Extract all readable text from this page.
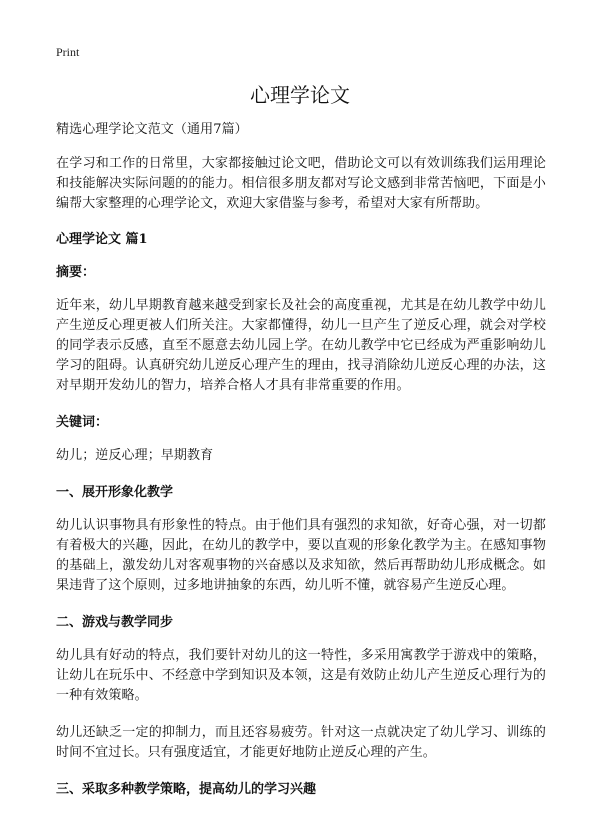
Print
心理学论文

精选心理学论文范文（通用7篇）

在学习和工作的日常里，大家都接触过论文吧，借助论文可以有效训练我们运用理论和技能解决实际问题的的能力。相信很多朋友都对写论文感到非常苦恼吧，下面是小编帮大家整理的心理学论文，欢迎大家借鉴与参考，希望对大家有所帮助。

心理学论文 篇1

摘要：

近年来，幼儿早期教育越来越受到家长及社会的高度重视，尤其是在幼儿教学中幼儿产生逆反心理更被人们所关注。大家都懂得，幼儿一旦产生了逆反心理，就会对学校的同学表示反感，直至不愿意去幼儿园上学。在幼儿教学中它已经成为严重影响幼儿学习的阻碍。认真研究幼儿逆反心理产生的理由，找寻消除幼儿逆反心理的办法，这对早期开发幼儿的智力，培养合格人才具有非常重要的作用。

关键词：

幼儿；逆反心理；早期教育

一、展开形象化教学

幼儿认识事物具有形象性的特点。由于他们具有强烈的求知欲，好奇心强，对一切都有着极大的兴趣，因此，在幼儿的教学中，要以直观的形象化教学为主。在感知事物的基础上，激发幼儿对客观事物的兴奋感以及求知欲，然后再帮助幼儿形成概念。如果违背了这个原则，过多地讲抽象的东西，幼儿听不懂，就容易产生逆反心理。

二、游戏与教学同步

幼儿具有好动的特点，我们要针对幼儿的这一特性，多采用寓教学于游戏中的策略，让幼儿在玩乐中、不经意中学到知识及本领，这是有效防止幼儿产生逆反心理行为的一种有效策略。

幼儿还缺乏一定的抑制力，而且还容易疲劳。针对这一点就决定了幼儿学习、训练的时间不宜过长。只有强度适宜，才能更好地防止逆反心理的产生。

三、采取多种教学策略，提高幼儿的学习兴趣
